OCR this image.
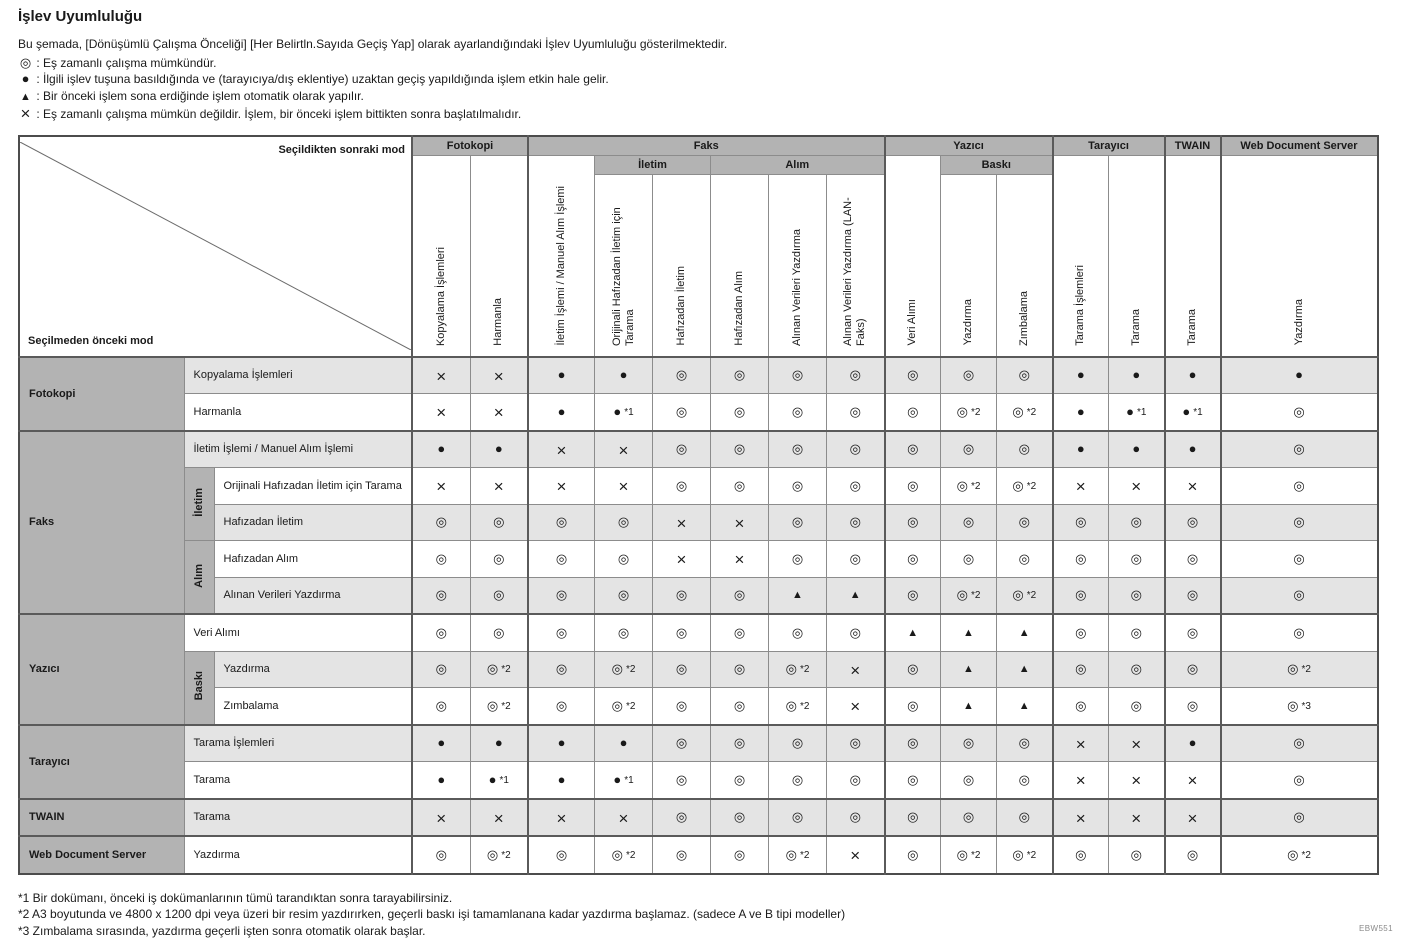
İşlev Uyumluluğu

Bu şemada, [Dönüşümlü Çalışma Önceliği] [Her Belirtln.Sayıda Geçiş Yap] olarak ayarlandığındaki İşlev Uyumluluğu gösterilmektedir.

◎ : Eş zamanlı çalışma mümkündür.
● : İlgili işlev tuşuna basıldığında ve (tarayıcıya/dış eklentiye) uzaktan geçiş yapıldığında işlem etkin hale gelir.
▲ : Bir önceki işlem sona erdiğinde işlem otomatik olarak yapılır.
× : Eş zamanlı çalışma mümkün değildir. İşlem, bir önceki işlem bittikten sonra başlatılmalıdır.
Seçildikten sonraki mod
Seçilmeden önceki mod			Fotokopi		Faks						Yazıcı			Tarayıcı		TWAIN	Web Document Server
			Kopyalama İşlemleri	Harmanla	İletim İşlemi / Manuel Alım İşlemi	İletim		Alım			Veri Alımı	Baskı		Tarama İşlemleri	Tarama	Tarama	Yazdırma
						Orijinali Hafızadan İletim için Tarama	Hafızadan İletim	Hafızadan Alım	Alınan Verileri Yazdırma	Alınan Verileri Yazdırma (LAN-Faks)		Yazdırma	Zımbalama				
Fotokopi	Kopyalama İşlemleri		×	×	●	●	◎	◎	◎	◎	◎	◎	◎	●	●	●	●
	Harmanla		×	×	●	● *1	◎	◎	◎	◎	◎	◎ *2	◎ *2	●	● *1	● *1	◎
Faks	İletim İşlemi / Manuel Alım İşlemi		●	●	×	×	◎	◎	◎	◎	◎	◎	◎	●	●	●	◎
	İletim	Orijinali Hafızadan İletim için Tarama	×	×	×	×	◎	◎	◎	◎	◎	◎ *2	◎ *2	×	×	×	◎
		Hafızadan İletim	◎	◎	◎	◎	×	×	◎	◎	◎	◎	◎	◎	◎	◎	◎
	Alım	Hafızadan Alım	◎	◎	◎	◎	×	×	◎	◎	◎	◎	◎	◎	◎	◎	◎
		Alınan Verileri Yazdırma	◎	◎	◎	◎	◎	◎	▲	▲	◎	◎ *2	◎ *2	◎	◎	◎	◎
Yazıcı	Veri Alımı		◎	◎	◎	◎	◎	◎	◎	◎	▲	▲	▲	◎	◎	◎	◎
	Baskı	Yazdırma	◎	◎ *2	◎	◎ *2	◎	◎	◎ *2	×	◎	▲	▲	◎	◎	◎	◎ *2
		Zımbalama	◎	◎ *2	◎	◎ *2	◎	◎	◎ *2	×	◎	▲	▲	◎	◎	◎	◎ *3
Tarayıcı	Tarama İşlemleri		●	●	●	●	◎	◎	◎	◎	◎	◎	◎	×	×	●	◎
	Tarama		●	● *1	●	● *1	◎	◎	◎	◎	◎	◎	◎	×	×	×	◎
TWAIN	Tarama		×	×	×	×	◎	◎	◎	◎	◎	◎	◎	×	×	×	◎
Web Document Server	Yazdırma		◎	◎ *2	◎	◎ *2	◎	◎	◎ *2	×	◎	◎ *2	◎ *2	◎	◎	◎	◎ *2
*1 Bir dokümanı, önceki iş dokümanlarının tümü tarandıktan sonra tarayabilirsiniz.
*2 A3 boyutunda ve 4800 x 1200 dpi veya üzeri bir resim yazdırırken, geçerli baskı işi tamamlanana kadar yazdırma başlamaz. (sadece A ve B tipi modeller)
*3 Zımbalama sırasında, yazdırma geçerli işten sonra otomatik olarak başlar.	EBW551
